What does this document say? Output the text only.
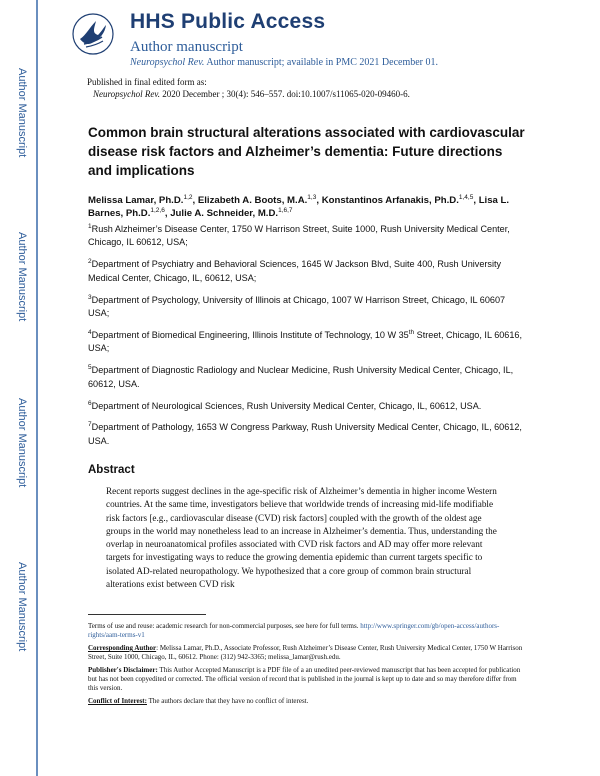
Author Manuscript
Author Manuscript
Author Manuscript
Author Manuscript
HHS Public Access
Author manuscript
Neuropsychol Rev. Author manuscript; available in PMC 2021 December 01.
Published in final edited form as:
Neuropsychol Rev. 2020 December ; 30(4): 546–557. doi:10.1007/s11065-020-09460-6.
Common brain structural alterations associated with cardiovascular disease risk factors and Alzheimer’s dementia: Future directions and implications
Melissa Lamar, Ph.D.$^{1,2}$, Elizabeth A. Boots, M.A.$^{1,3}$, Konstantinos Arfanakis, Ph.D.$^{1,4,5}$, Lisa L. Barnes, Ph.D.$^{1,2,6}$, Julie A. Schneider, M.D.$^{1,6,7}$
$^1$Rush Alzheimer’s Disease Center, 1750 W Harrison Street, Suite 1000, Rush University Medical Center, Chicago, IL 60612, USA;
$^2$Department of Psychiatry and Behavioral Sciences, 1645 W Jackson Blvd, Suite 400, Rush University Medical Center, Chicago, IL, 60612, USA;
$^3$Department of Psychology, University of Illinois at Chicago, 1007 W Harrison Street, Chicago, IL 60607 USA;
$^4$Department of Biomedical Engineering, Illinois Institute of Technology, 10 W 35th Street, Chicago, IL 60616, USA;
$^5$Department of Diagnostic Radiology and Nuclear Medicine, Rush University Medical Center, Chicago, IL, 60612, USA.
$^6$Department of Neurological Sciences, Rush University Medical Center, Chicago, IL, 60612, USA.
$^7$Department of Pathology, 1653 W Congress Parkway, Rush University Medical Center, Chicago, IL, 60612, USA.
Abstract
Recent reports suggest declines in the age-specific risk of Alzheimer’s dementia in higher income Western countries. At the same time, investigators believe that worldwide trends of increasing mid-life modifiable risk factors [e.g., cardiovascular disease (CVD) risk factors] coupled with the growth of the oldest age groups in the world may nonetheless lead to an increase in Alzheimer’s dementia. Thus, understanding the overlap in neuroanatomical profiles associated with CVD risk factors and AD may offer more relevant targets for investigating ways to reduce the growing dementia epidemic than current targets specific to isolated AD-related neuropathology. We hypothesized that a core group of common brain structural alterations exist between CVD risk
Terms of use and reuse: academic research for non-commercial purposes, see here for full terms. http://www.springer.com/gb/open-access/authors-rights/aam-terms-v1
Corresponding Author: Melissa Lamar, Ph.D., Associate Professor, Rush Alzheimer’s Disease Center, Rush University Medical Center, 1750 W Harrison Street, Suite 1000, Chicago, IL, 60612. Phone: (312) 942-3365; melissa_lamar@rush.edu.
Publisher's Disclaimer: This Author Accepted Manuscript is a PDF file of a an unedited peer-reviewed manuscript that has been accepted for publication but has not been copyedited or corrected. The official version of record that is published in the journal is kept up to date and so may therefore differ from this version.
Conflict of Interest: The authors declare that they have no conflict of interest.
